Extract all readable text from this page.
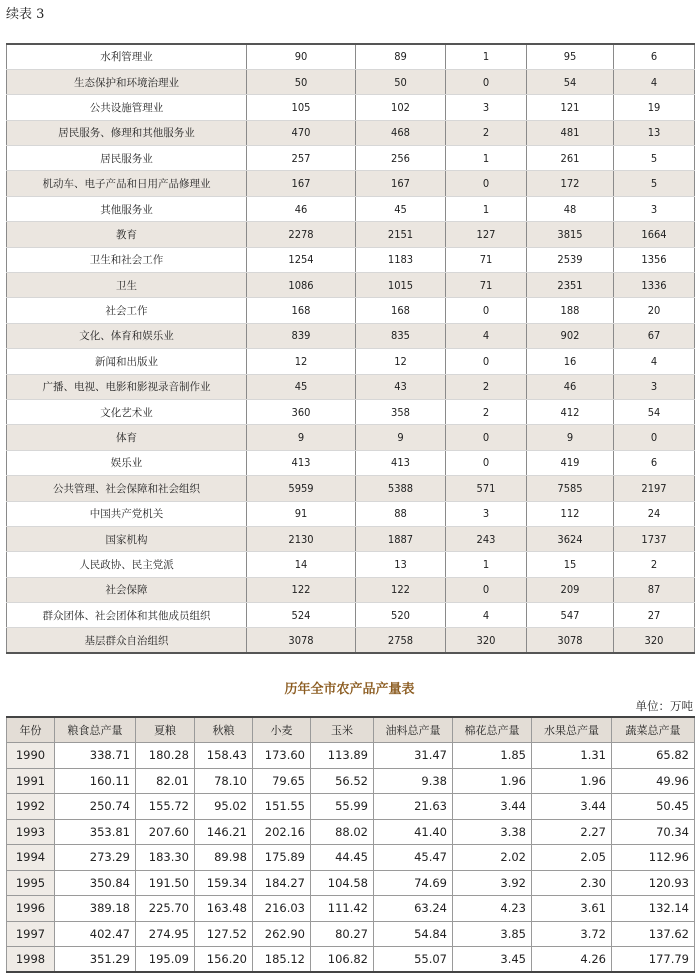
续表 3
水利管理业	90	89	1	95	6
生态保护和环境治理业	50	50	0	54	4
公共设施管理业	105	102	3	121	19
居民服务、修理和其他服务业	470	468	2	481	13
居民服务业	257	256	1	261	5
机动车、电子产品和日用产品修理业	167	167	0	172	5
其他服务业	46	45	1	48	3
教育	2278	2151	127	3815	1664
卫生和社会工作	1254	1183	71	2539	1356
卫生	1086	1015	71	2351	1336
社会工作	168	168	0	188	20
文化、体育和娱乐业	839	835	4	902	67
新闻和出版业	12	12	0	16	4
广播、电视、电影和影视录音制作业	45	43	2	46	3
文化艺术业	360	358	2	412	54
体育	9	9	0	9	0
娱乐业	413	413	0	419	6
公共管理、社会保障和社会组织	5959	5388	571	7585	2197
中国共产党机关	91	88	3	112	24
国家机构	2130	1887	243	3624	1737
人民政协、民主党派	14	13	1	15	2
社会保障	122	122	0	209	87
群众团体、社会团体和其他成员组织	524	520	4	547	27
基层群众自治组织	3078	2758	320	3078	320
历年全市农产品产量表
单位：万吨
年份	粮食总产量	夏粮	秋粮	小麦	玉米	油料总产量	棉花总产量	水果总产量	蔬菜总产量
1990	338.71	180.28	158.43	173.60	113.89	31.47	1.85	1.31	65.82
1991	160.11	82.01	78.10	79.65	56.52	9.38	1.96	1.96	49.96
1992	250.74	155.72	95.02	151.55	55.99	21.63	3.44	3.44	50.45
1993	353.81	207.60	146.21	202.16	88.02	41.40	3.38	2.27	70.34
1994	273.29	183.30	89.98	175.89	44.45	45.47	2.02	2.05	112.96
1995	350.84	191.50	159.34	184.27	104.58	74.69	3.92	2.30	120.93
1996	389.18	225.70	163.48	216.03	111.42	63.24	4.23	3.61	132.14
1997	402.47	274.95	127.52	262.90	80.27	54.84	3.85	3.72	137.62
1998	351.29	195.09	156.20	185.12	106.82	55.07	3.45	4.26	177.79
